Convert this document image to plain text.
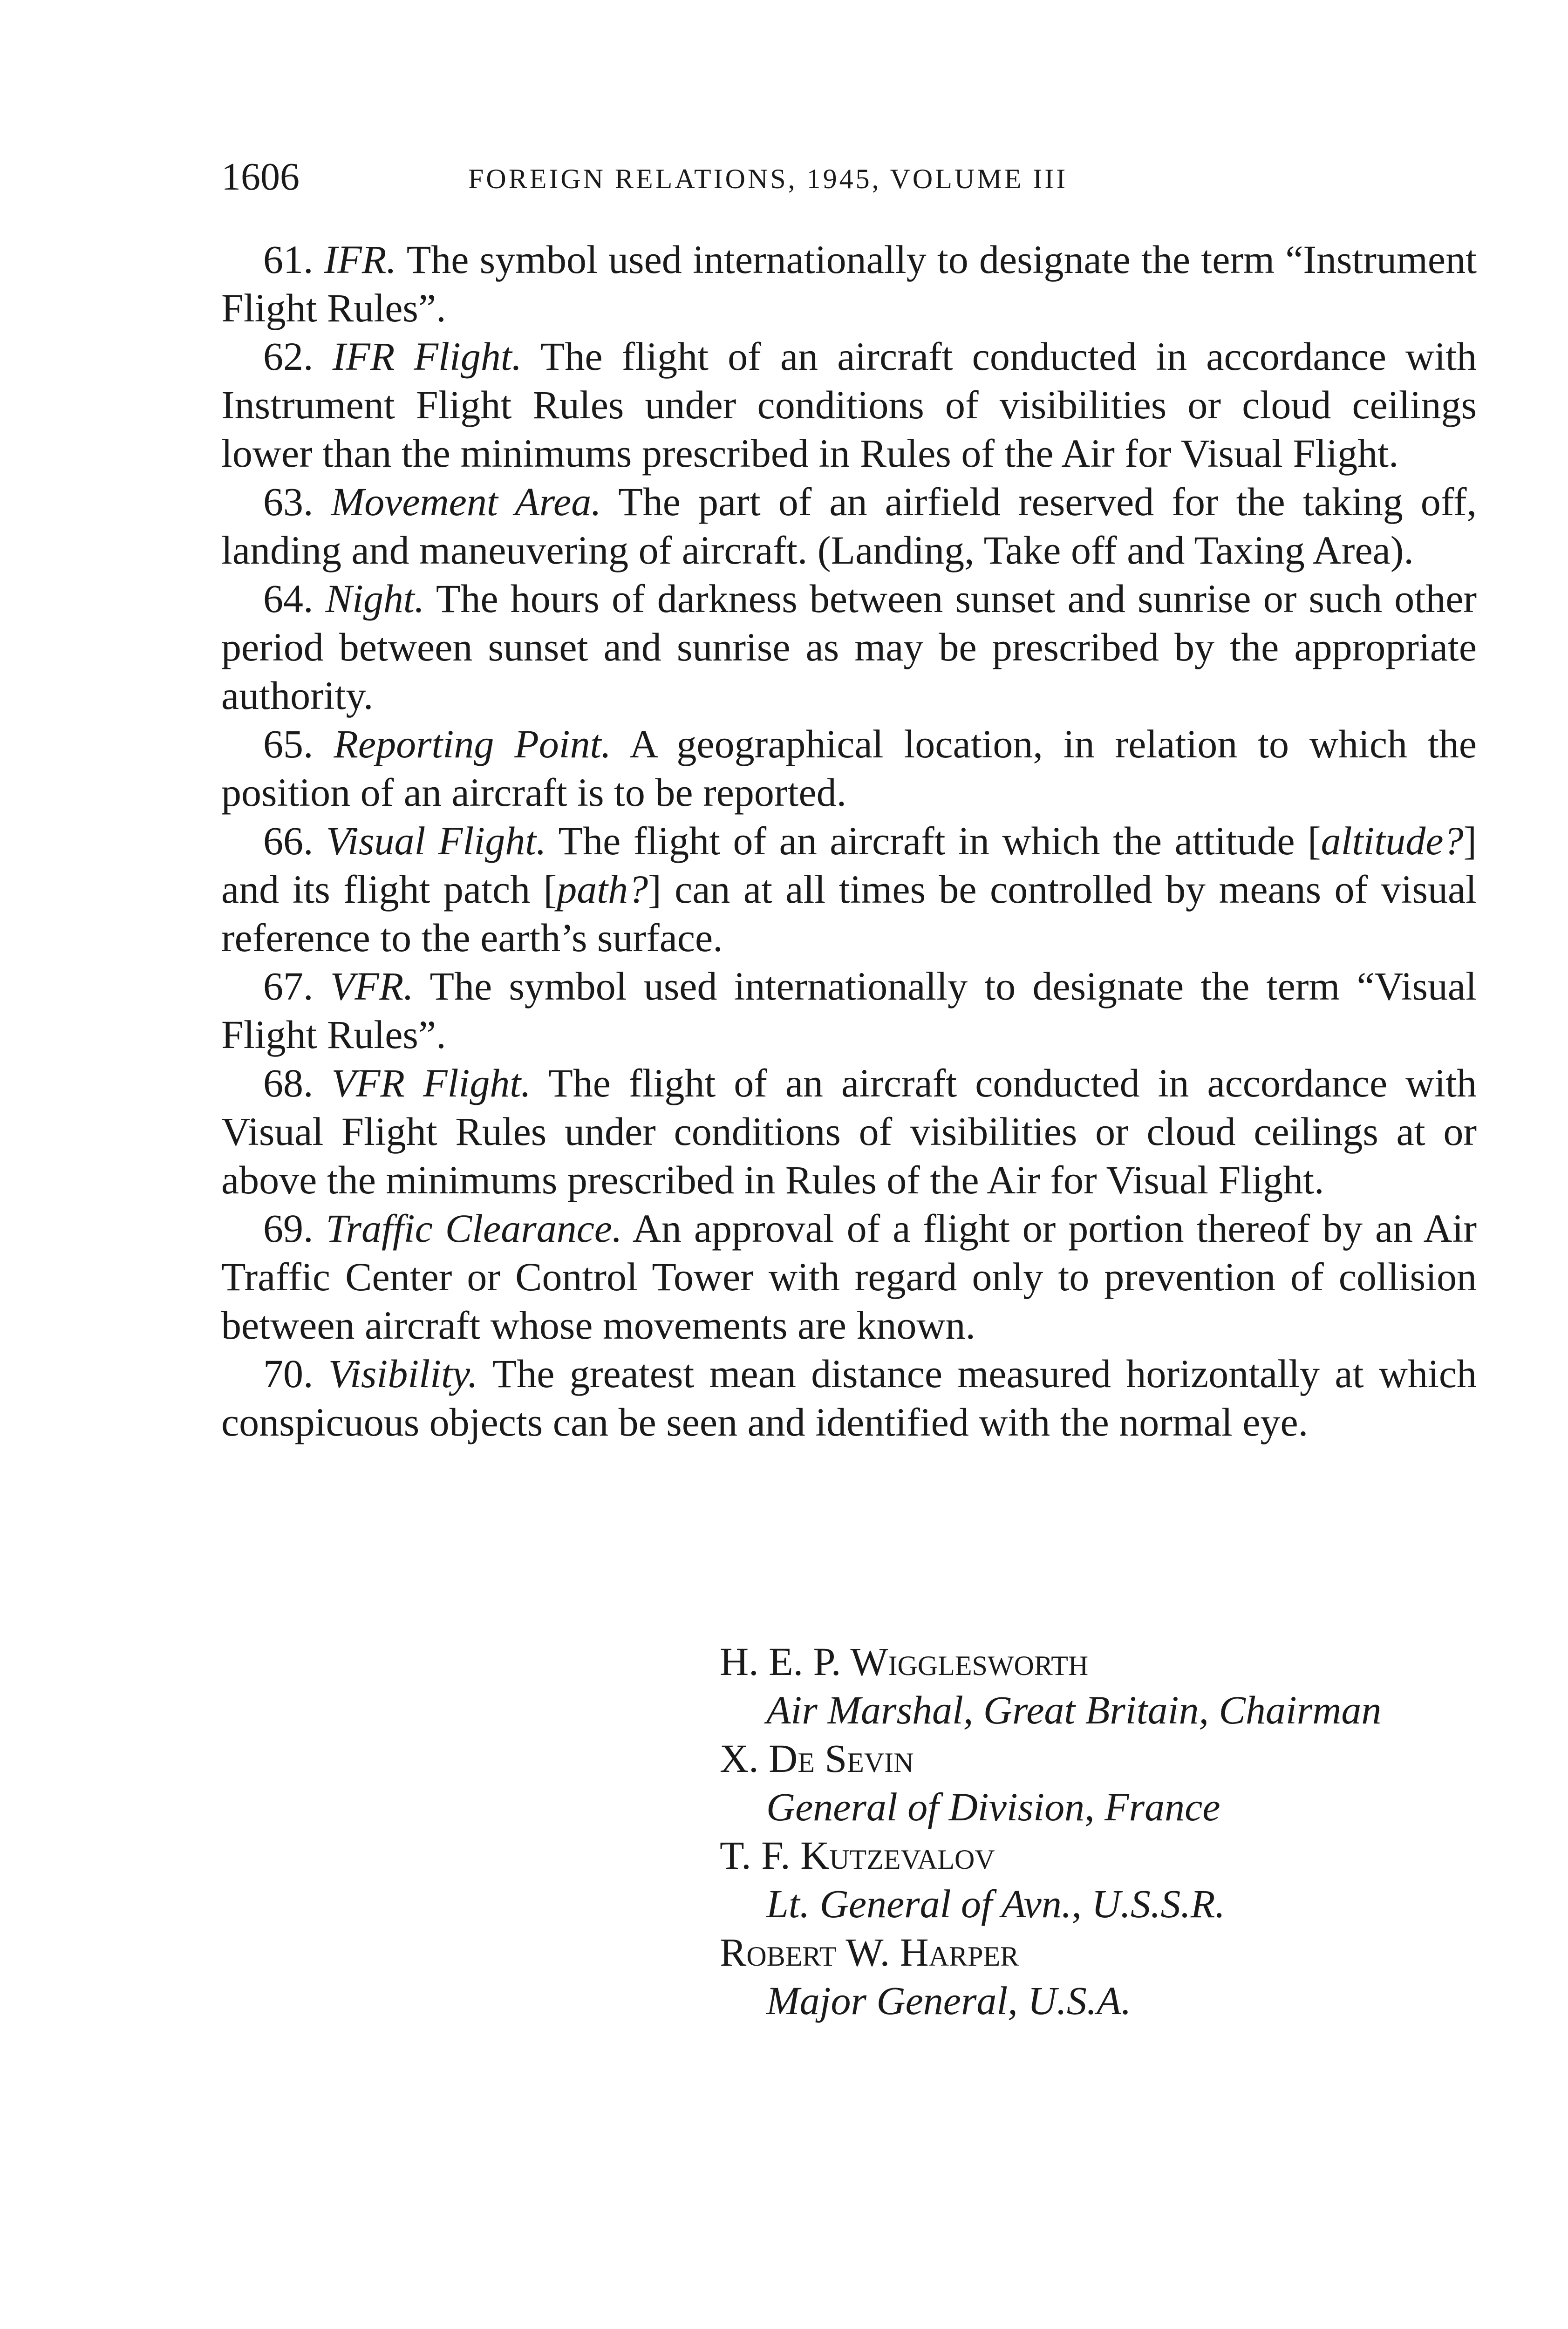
1606	FOREIGN RELATIONS, 1945, VOLUME III

61. IFR. The symbol used internationally to designate the term “Instrument Flight Rules”.

62. IFR Flight. The flight of an aircraft conducted in accordance with Instrument Flight Rules under conditions of visibilities or cloud ceilings lower than the minimums prescribed in Rules of the Air for Visual Flight.

63. Movement Area. The part of an airfield reserved for the taking off, landing and maneuvering of aircraft. (Landing, Take off and Taxing Area).

64. Night. The hours of darkness between sunset and sunrise or such other period between sunset and sunrise as may be prescribed by the appropriate authority.

65. Reporting Point. A geographical location, in relation to which the position of an aircraft is to be reported.

66. Visual Flight. The flight of an aircraft in which the attitude [altitude?] and its flight patch [path?] can at all times be controlled by means of visual reference to the earth’s surface.

67. VFR. The symbol used internationally to designate the term “Visual Flight Rules”.

68. VFR Flight. The flight of an aircraft conducted in accordance with Visual Flight Rules under conditions of visibilities or cloud ceilings at or above the minimums prescribed in Rules of the Air for Visual Flight.

69. Traffic Clearance. An approval of a flight or portion thereof by an Air Traffic Center or Control Tower with regard only to prevention of collision between aircraft whose movements are known.

70. Visibility. The greatest mean distance measured horizontally at which conspicuous objects can be seen and identified with the normal eye.

H. E. P. Wigglesworth

Air Marshal, Great Britain, Chairman

X. De Sevin

General of Division, France

T. F. Kutzevalov

Lt. General of Avn., U.S.S.R.

Robert W. Harper

Major General, U.S.A.
